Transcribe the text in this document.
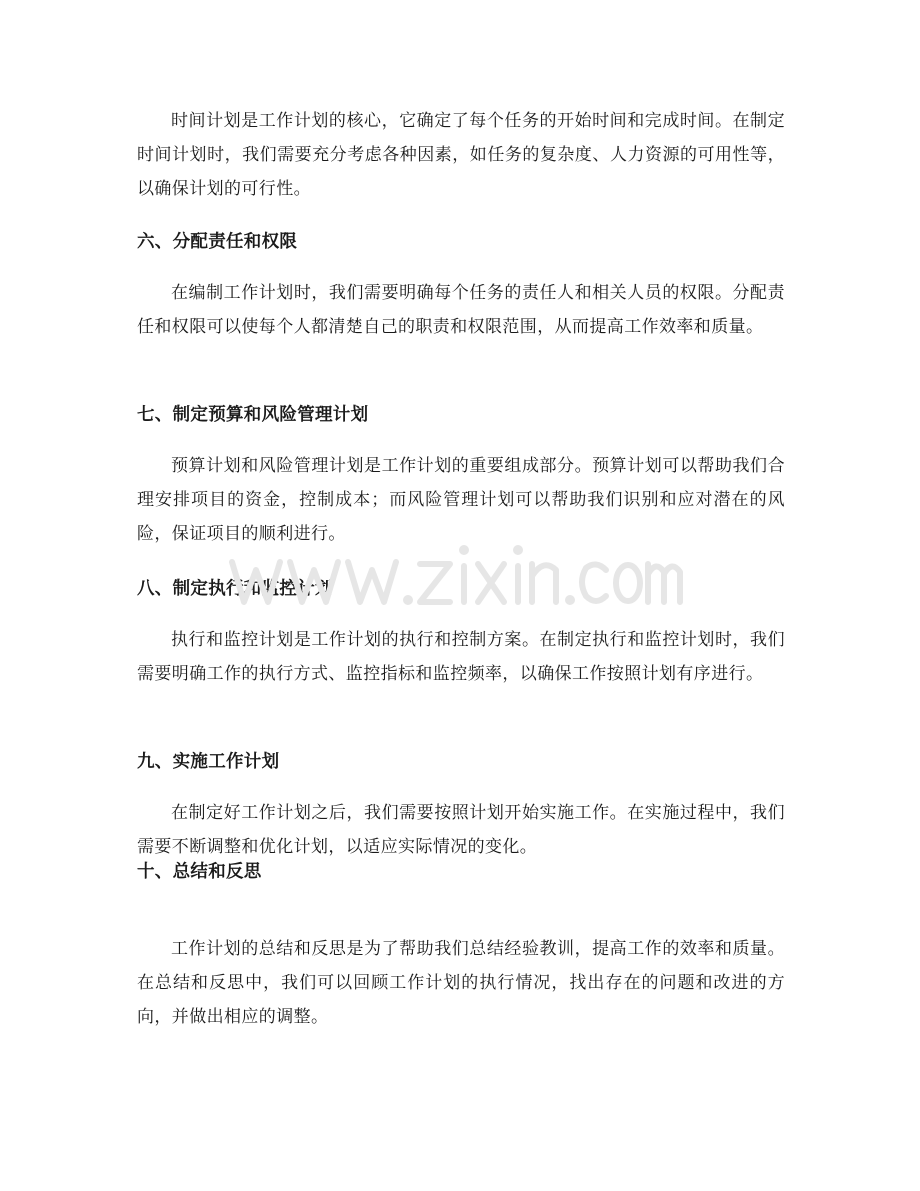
时间计划是工作计划的核心，它确定了每个任务的开始时间和完成时间。在制定时间计划时，我们需要充分考虑各种因素，如任务的复杂度、人力资源的可用性等，以确保计划的可行性。

六、分配责任和权限

在编制工作计划时，我们需要明确每个任务的责任人和相关人员的权限。分配责任和权限可以使每个人都清楚自己的职责和权限范围，从而提高工作效率和质量。

七、制定预算和风险管理计划

预算计划和风险管理计划是工作计划的重要组成部分。预算计划可以帮助我们合理安排项目的资金，控制成本；而风险管理计划可以帮助我们识别和应对潜在的风险，保证项目的顺利进行。

八、制定执行和监控计划

执行和监控计划是工作计划的执行和控制方案。在制定执行和监控计划时，我们需要明确工作的执行方式、监控指标和监控频率，以确保工作按照计划有序进行。

九、实施工作计划

在制定好工作计划之后，我们需要按照计划开始实施工作。在实施过程中，我们需要不断调整和优化计划，以适应实际情况的变化。

十、总结和反思

工作计划的总结和反思是为了帮助我们总结经验教训，提高工作的效率和质量。在总结和反思中，我们可以回顾工作计划的执行情况，找出存在的问题和改进的方向，并做出相应的调整。
